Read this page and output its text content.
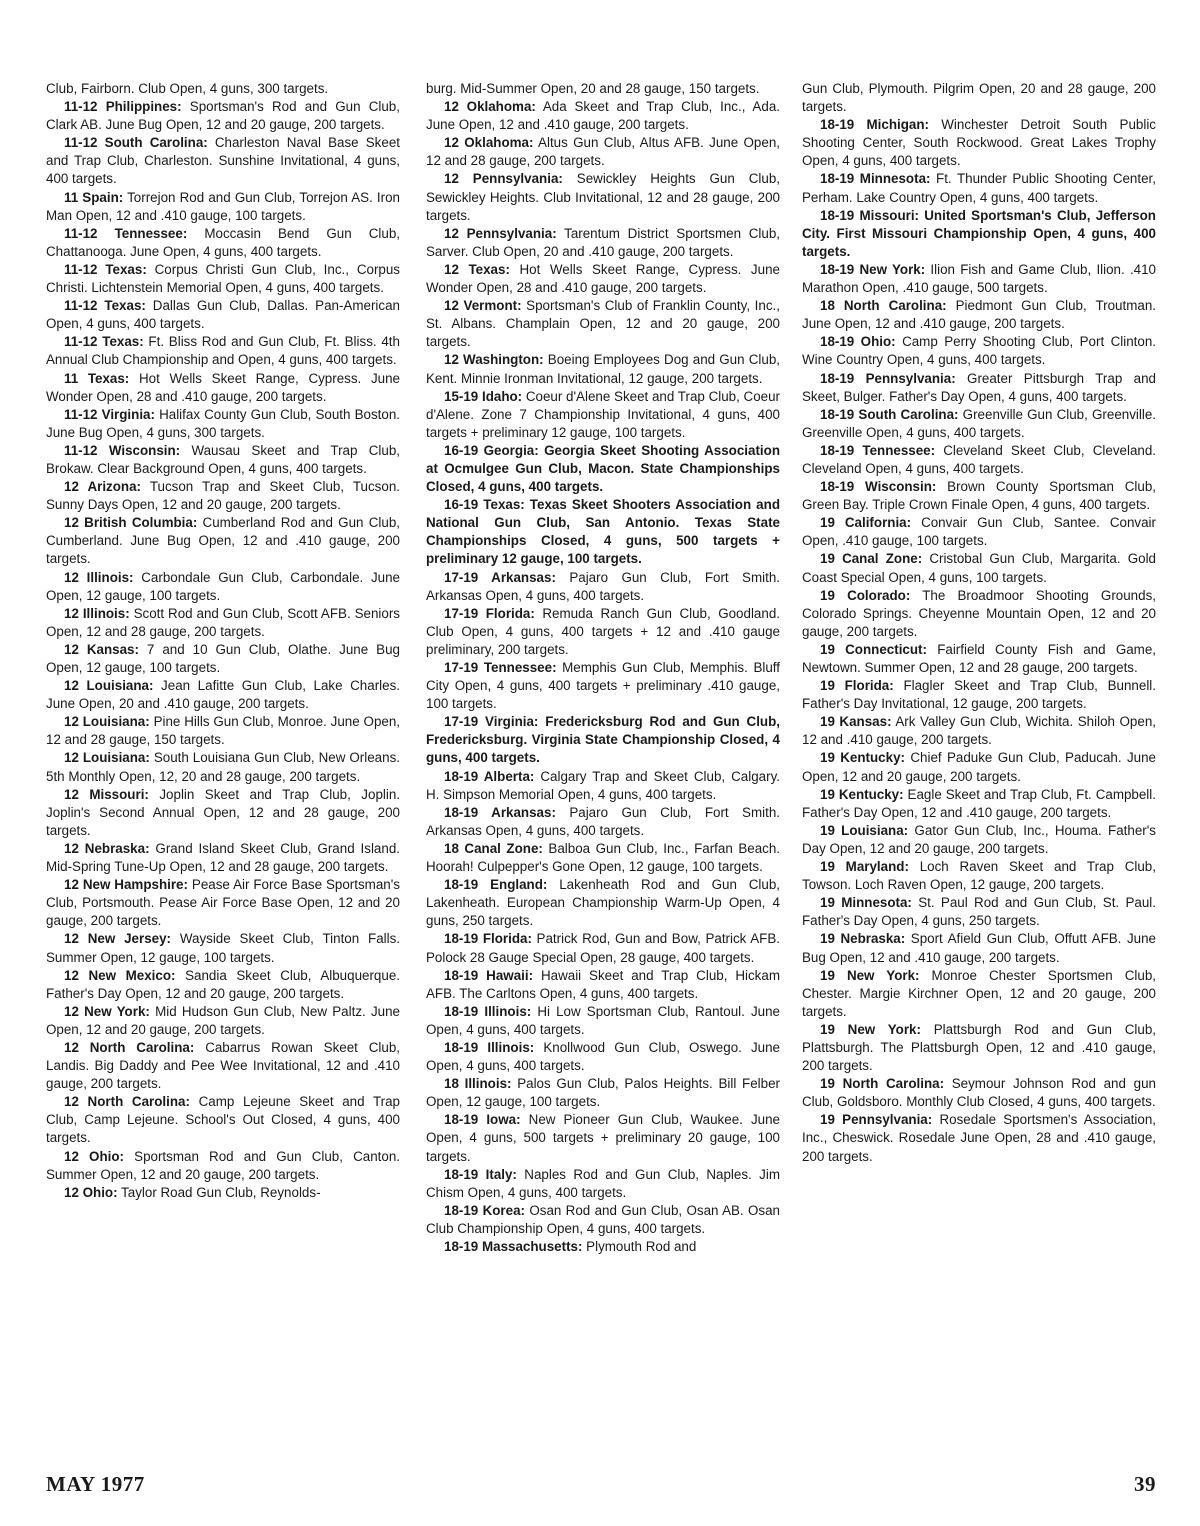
Club, Fairborn. Club Open, 4 guns, 300 targets.
11-12 Philippines: Sportsman's Rod and Gun Club, Clark AB. June Bug Open, 12 and 20 gauge, 200 targets.
11-12 South Carolina: Charleston Naval Base Skeet and Trap Club, Charleston. Sunshine Invitational, 4 guns, 400 targets.
11 Spain: Torrejon Rod and Gun Club, Torrejon AS. Iron Man Open, 12 and .410 gauge, 100 targets.
11-12 Tennessee: Moccasin Bend Gun Club, Chattanooga. June Open, 4 guns, 400 targets.
11-12 Texas: Corpus Christi Gun Club, Inc., Corpus Christi. Lichtenstein Memorial Open, 4 guns, 400 targets.
11-12 Texas: Dallas Gun Club, Dallas. Pan-American Open, 4 guns, 400 targets.
11-12 Texas: Ft. Bliss Rod and Gun Club, Ft. Bliss. 4th Annual Club Championship and Open, 4 guns, 400 targets.
11 Texas: Hot Wells Skeet Range, Cypress. June Wonder Open, 28 and .410 gauge, 200 targets.
11-12 Virginia: Halifax County Gun Club, South Boston. June Bug Open, 4 guns, 300 targets.
11-12 Wisconsin: Wausau Skeet and Trap Club, Brokaw. Clear Background Open, 4 guns, 400 targets.
12 Arizona: Tucson Trap and Skeet Club, Tucson. Sunny Days Open, 12 and 20 gauge, 200 targets.
12 British Columbia: Cumberland Rod and Gun Club, Cumberland. June Bug Open, 12 and .410 gauge, 200 targets.
12 Illinois: Carbondale Gun Club, Carbondale. June Open, 12 gauge, 100 targets.
12 Illinois: Scott Rod and Gun Club, Scott AFB. Seniors Open, 12 and 28 gauge, 200 targets.
12 Kansas: 7 and 10 Gun Club, Olathe. June Bug Open, 12 gauge, 100 targets.
12 Louisiana: Jean Lafitte Gun Club, Lake Charles. June Open, 20 and .410 gauge, 200 targets.
12 Louisiana: Pine Hills Gun Club, Monroe. June Open, 12 and 28 gauge, 150 targets.
12 Louisiana: South Louisiana Gun Club, New Orleans. 5th Monthly Open, 12, 20 and 28 gauge, 200 targets.
12 Missouri: Joplin Skeet and Trap Club, Joplin. Joplin's Second Annual Open, 12 and 28 gauge, 200 targets.
12 Nebraska: Grand Island Skeet Club, Grand Island. Mid-Spring Tune-Up Open, 12 and 28 gauge, 200 targets.
12 New Hampshire: Pease Air Force Base Sportsman's Club, Portsmouth. Pease Air Force Base Open, 12 and 20 gauge, 200 targets.
12 New Jersey: Wayside Skeet Club, Tinton Falls. Summer Open, 12 gauge, 100 targets.
12 New Mexico: Sandia Skeet Club, Albuquerque. Father's Day Open, 12 and 20 gauge, 200 targets.
12 New York: Mid Hudson Gun Club, New Paltz. June Open, 12 and 20 gauge, 200 targets.
12 North Carolina: Cabarrus Rowan Skeet Club, Landis. Big Daddy and Pee Wee Invitational, 12 and .410 gauge, 200 targets.
12 North Carolina: Camp Lejeune Skeet and Trap Club, Camp Lejeune. School's Out Closed, 4 guns, 400 targets.
12 Ohio: Sportsman Rod and Gun Club, Canton. Summer Open, 12 and 20 gauge, 200 targets.
12 Ohio: Taylor Road Gun Club, Reynolds-
burg. Mid-Summer Open, 20 and 28 gauge, 150 targets.
12 Oklahoma: Ada Skeet and Trap Club, Inc., Ada. June Open, 12 and .410 gauge, 200 targets.
12 Oklahoma: Altus Gun Club, Altus AFB. June Open, 12 and 28 gauge, 200 targets.
12 Pennsylvania: Sewickley Heights Gun Club, Sewickley Heights. Club Invitational, 12 and 28 gauge, 200 targets.
12 Pennsylvania: Tarentum District Sportsmen Club, Sarver. Club Open, 20 and .410 gauge, 200 targets.
12 Texas: Hot Wells Skeet Range, Cypress. June Wonder Open, 28 and .410 gauge, 200 targets.
12 Vermont: Sportsman's Club of Franklin County, Inc., St. Albans. Champlain Open, 12 and 20 gauge, 200 targets.
12 Washington: Boeing Employees Dog and Gun Club, Kent. Minnie Ironman Invitational, 12 gauge, 200 targets.
15-19 Idaho: Coeur d'Alene Skeet and Trap Club, Coeur d'Alene. Zone 7 Championship Invitational, 4 guns, 400 targets + preliminary 12 gauge, 100 targets.
16-19 Georgia: Georgia Skeet Shooting Association at Ocmulgee Gun Club, Macon. State Championships Closed, 4 guns, 400 targets.
16-19 Texas: Texas Skeet Shooters Association and National Gun Club, San Antonio. Texas State Championships Closed, 4 guns, 500 targets + preliminary 12 gauge, 100 targets.
17-19 Arkansas: Pajaro Gun Club, Fort Smith. Arkansas Open, 4 guns, 400 targets.
17-19 Florida: Remuda Ranch Gun Club, Goodland. Club Open, 4 guns, 400 targets + 12 and .410 gauge preliminary, 200 targets.
17-19 Tennessee: Memphis Gun Club, Memphis. Bluff City Open, 4 guns, 400 targets + preliminary .410 gauge, 100 targets.
17-19 Virginia: Fredericksburg Rod and Gun Club, Fredericksburg. Virginia State Championship Closed, 4 guns, 400 targets.
18-19 Alberta: Calgary Trap and Skeet Club, Calgary. H. Simpson Memorial Open, 4 guns, 400 targets.
18-19 Arkansas: Pajaro Gun Club, Fort Smith. Arkansas Open, 4 guns, 400 targets.
18 Canal Zone: Balboa Gun Club, Inc., Farfan Beach. Hoorah! Culpepper's Gone Open, 12 gauge, 100 targets.
18-19 England: Lakenheath Rod and Gun Club, Lakenheath. European Championship Warm-Up Open, 4 guns, 250 targets.
18-19 Florida: Patrick Rod, Gun and Bow, Patrick AFB. Polock 28 Gauge Special Open, 28 gauge, 400 targets.
18-19 Hawaii: Hawaii Skeet and Trap Club, Hickam AFB. The Carltons Open, 4 guns, 400 targets.
18-19 Illinois: Hi Low Sportsman Club, Rantoul. June Open, 4 guns, 400 targets.
18-19 Illinois: Knollwood Gun Club, Oswego. June Open, 4 guns, 400 targets.
18 Illinois: Palos Gun Club, Palos Heights. Bill Felber Open, 12 gauge, 100 targets.
18-19 Iowa: New Pioneer Gun Club, Waukee. June Open, 4 guns, 500 targets + preliminary 20 gauge, 100 targets.
18-19 Italy: Naples Rod and Gun Club, Naples. Jim Chism Open, 4 guns, 400 targets.
18-19 Korea: Osan Rod and Gun Club, Osan AB. Osan Club Championship Open, 4 guns, 400 targets.
18-19 Massachusetts: Plymouth Rod and
Gun Club, Plymouth. Pilgrim Open, 20 and 28 gauge, 200 targets.
18-19 Michigan: Winchester Detroit South Public Shooting Center, South Rockwood. Great Lakes Trophy Open, 4 guns, 400 targets.
18-19 Minnesota: Ft. Thunder Public Shooting Center, Perham. Lake Country Open, 4 guns, 400 targets.
18-19 Missouri: United Sportsman's Club, Jefferson City. First Missouri Championship Open, 4 guns, 400 targets.
18-19 New York: Ilion Fish and Game Club, Ilion. .410 Marathon Open, .410 gauge, 500 targets.
18 North Carolina: Piedmont Gun Club, Troutman. June Open, 12 and .410 gauge, 200 targets.
18-19 Ohio: Camp Perry Shooting Club, Port Clinton. Wine Country Open, 4 guns, 400 targets.
18-19 Pennsylvania: Greater Pittsburgh Trap and Skeet, Bulger. Father's Day Open, 4 guns, 400 targets.
18-19 South Carolina: Greenville Gun Club, Greenville. Greenville Open, 4 guns, 400 targets.
18-19 Tennessee: Cleveland Skeet Club, Cleveland. Cleveland Open, 4 guns, 400 targets.
18-19 Wisconsin: Brown County Sportsman Club, Green Bay. Triple Crown Finale Open, 4 guns, 400 targets.
19 California: Convair Gun Club, Santee. Convair Open, .410 gauge, 100 targets.
19 Canal Zone: Cristobal Gun Club, Margarita. Gold Coast Special Open, 4 guns, 100 targets.
19 Colorado: The Broadmoor Shooting Grounds, Colorado Springs. Cheyenne Mountain Open, 12 and 20 gauge, 200 targets.
19 Connecticut: Fairfield County Fish and Game, Newtown. Summer Open, 12 and 28 gauge, 200 targets.
19 Florida: Flagler Skeet and Trap Club, Bunnell. Father's Day Invitational, 12 gauge, 200 targets.
19 Kansas: Ark Valley Gun Club, Wichita. Shiloh Open, 12 and .410 gauge, 200 targets.
19 Kentucky: Chief Paduke Gun Club, Paducah. June Open, 12 and 20 gauge, 200 targets.
19 Kentucky: Eagle Skeet and Trap Club, Ft. Campbell. Father's Day Open, 12 and .410 gauge, 200 targets.
19 Louisiana: Gator Gun Club, Inc., Houma. Father's Day Open, 12 and 20 gauge, 200 targets.
19 Maryland: Loch Raven Skeet and Trap Club, Towson. Loch Raven Open, 12 gauge, 200 targets.
19 Minnesota: St. Paul Rod and Gun Club, St. Paul. Father's Day Open, 4 guns, 250 targets.
19 Nebraska: Sport Afield Gun Club, Offutt AFB. June Bug Open, 12 and .410 gauge, 200 targets.
19 New York: Monroe Chester Sportsmen Club, Chester. Margie Kirchner Open, 12 and 20 gauge, 200 targets.
19 New York: Plattsburgh Rod and Gun Club, Plattsburgh. The Plattsburgh Open, 12 and .410 gauge, 200 targets.
19 North Carolina: Seymour Johnson Rod and gun Club, Goldsboro. Monthly Club Closed, 4 guns, 400 targets.
19 Pennsylvania: Rosedale Sportsmen's Association, Inc., Cheswick. Rosedale June Open, 28 and .410 gauge, 200 targets.
MAY 1977	39
